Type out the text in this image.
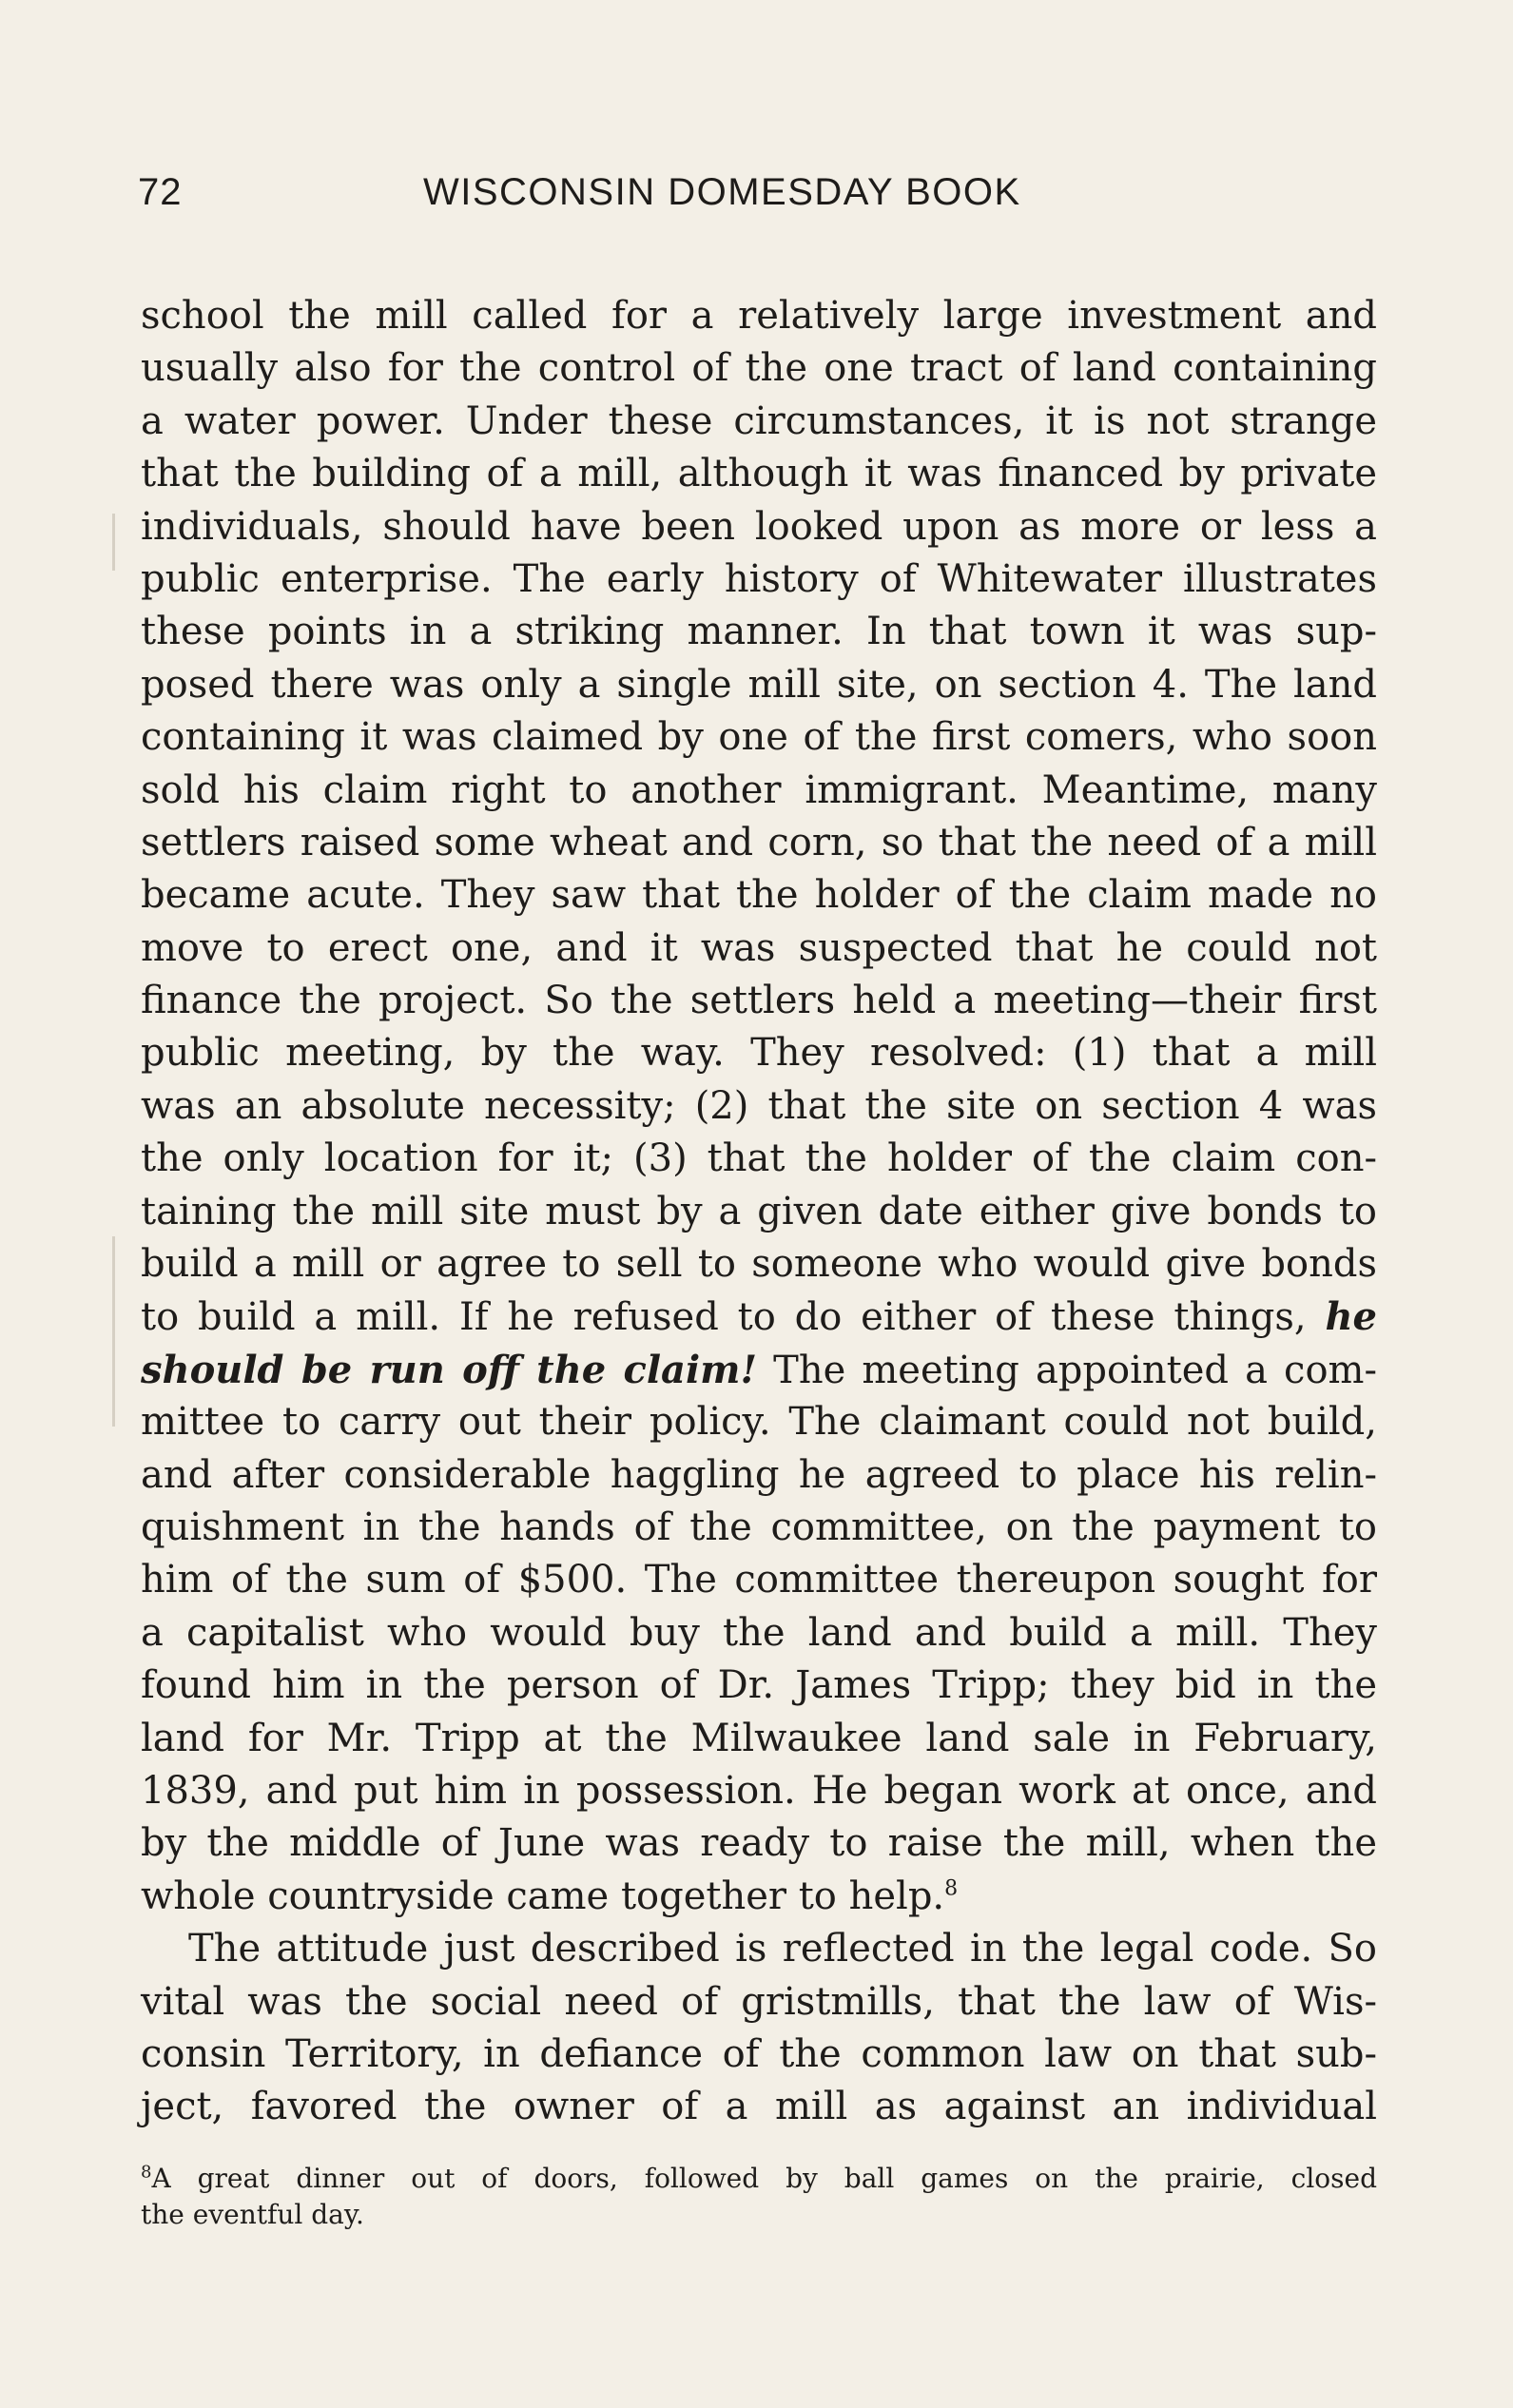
72	WISCONSIN DOMESDAY BOOK
school the mill called for a relatively large investment and
usually also for the control of the one tract of land containing
a water power. Under these circumstances, it is not strange
that the building of a mill, although it was financed by private
individuals, should have been looked upon as more or less a
public enterprise. The early history of Whitewater illustrates
these points in a striking manner. In that town it was sup-
posed there was only a single mill site, on section 4. The land
containing it was claimed by one of the first comers, who soon
sold his claim right to another immigrant. Meantime, many
settlers raised some wheat and corn, so that the need of a mill
became acute. They saw that the holder of the claim made no
move to erect one, and it was suspected that he could not
finance the project. So the settlers held a meeting—their first
public meeting, by the way. They resolved: (1) that a mill
was an absolute necessity; (2) that the site on section 4 was
the only location for it; (3) that the holder of the claim con-
taining the mill site must by a given date either give bonds to
build a mill or agree to sell to someone who would give bonds
to build a mill. If he refused to do either of these things, he
should be run off the claim! The meeting appointed a com-
mittee to carry out their policy. The claimant could not build,
and after considerable haggling he agreed to place his relin-
quishment in the hands of the committee, on the payment to
him of the sum of $500. The committee thereupon sought for
a capitalist who would buy the land and build a mill. They
found him in the person of Dr. James Tripp; they bid in the
land for Mr. Tripp at the Milwaukee land sale in February,
1839, and put him in possession. He began work at once, and
by the middle of June was ready to raise the mill, when the
whole countryside came together to help.$^8$
The attitude just described is reflected in the legal code. So
vital was the social need of gristmills, that the law of Wis-
consin Territory, in defiance of the common law on that sub-
ject, favored the owner of a mill as against an individual
$^8$A great dinner out of doors, followed by ball games on the prairie, closed
the eventful day.
